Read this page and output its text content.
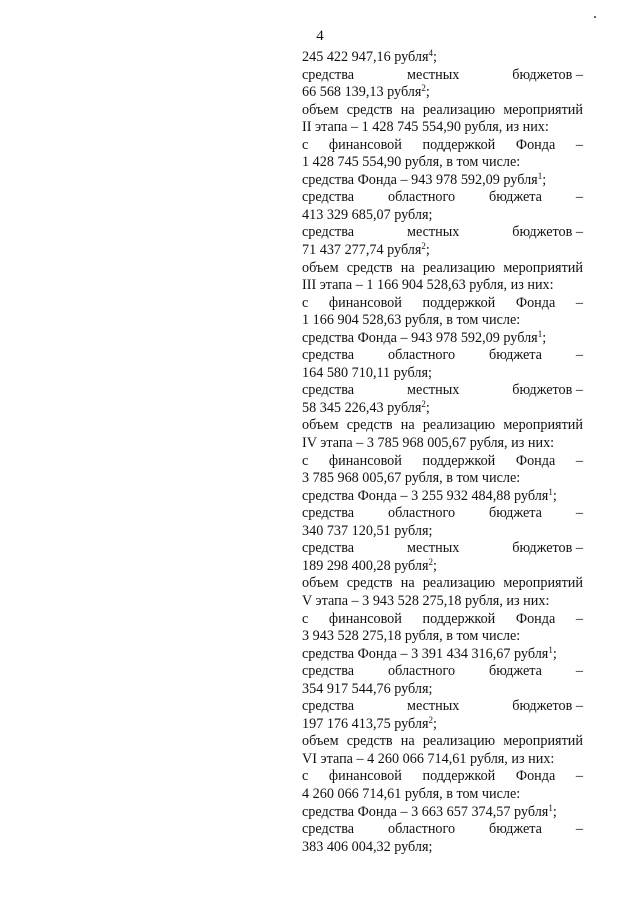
4
245 422 947,16 рубля$^4$;
средства	местных	бюджетов –
66 568 139,13 рубля$^2$;
объем средств на реализацию мероприятий
II этапа – 1 428 745 554,90 рубля, из них:
с финансовой поддержкой Фонда –
1 428 745 554,90 рубля, в том числе:
средства Фонда – 943 978 592,09 рубля$^1$;
средства областного бюджета –
413 329 685,07 рубля;
средства	местных	бюджетов –
71 437 277,74 рубля$^2$;
объем средств на реализацию мероприятий
III этапа – 1 166 904 528,63 рубля, из них:
с финансовой поддержкой Фонда –
1 166 904 528,63 рубля, в том числе:
средства Фонда – 943 978 592,09 рубля$^1$;
средства областного бюджета –
164 580 710,11 рубля;
средства	местных	бюджетов –
58 345 226,43 рубля$^2$;
объем средств на реализацию мероприятий
IV этапа – 3 785 968 005,67 рубля, из них:
с финансовой поддержкой Фонда –
3 785 968 005,67 рубля, в том числе:
средства Фонда – 3 255 932 484,88 рубля$^1$;
средства областного бюджета –
340 737 120,51 рубля;
средства	местных	бюджетов –
189 298 400,28 рубля$^2$;
объем средств на реализацию мероприятий
V этапа – 3 943 528 275,18 рубля, из них:
с финансовой поддержкой Фонда –
3 943 528 275,18 рубля, в том числе:
средства Фонда – 3 391 434 316,67 рубля$^1$;
средства областного бюджета –
354 917 544,76 рубля;
средства	местных	бюджетов –
197 176 413,75 рубля$^2$;
объем средств на реализацию мероприятий
VI этапа – 4 260 066 714,61 рубля, из них:
с финансовой поддержкой Фонда –
4 260 066 714,61 рубля, в том числе:
средства Фонда – 3 663 657 374,57 рубля$^1$;
средства областного бюджета –
383 406 004,32 рубля;
